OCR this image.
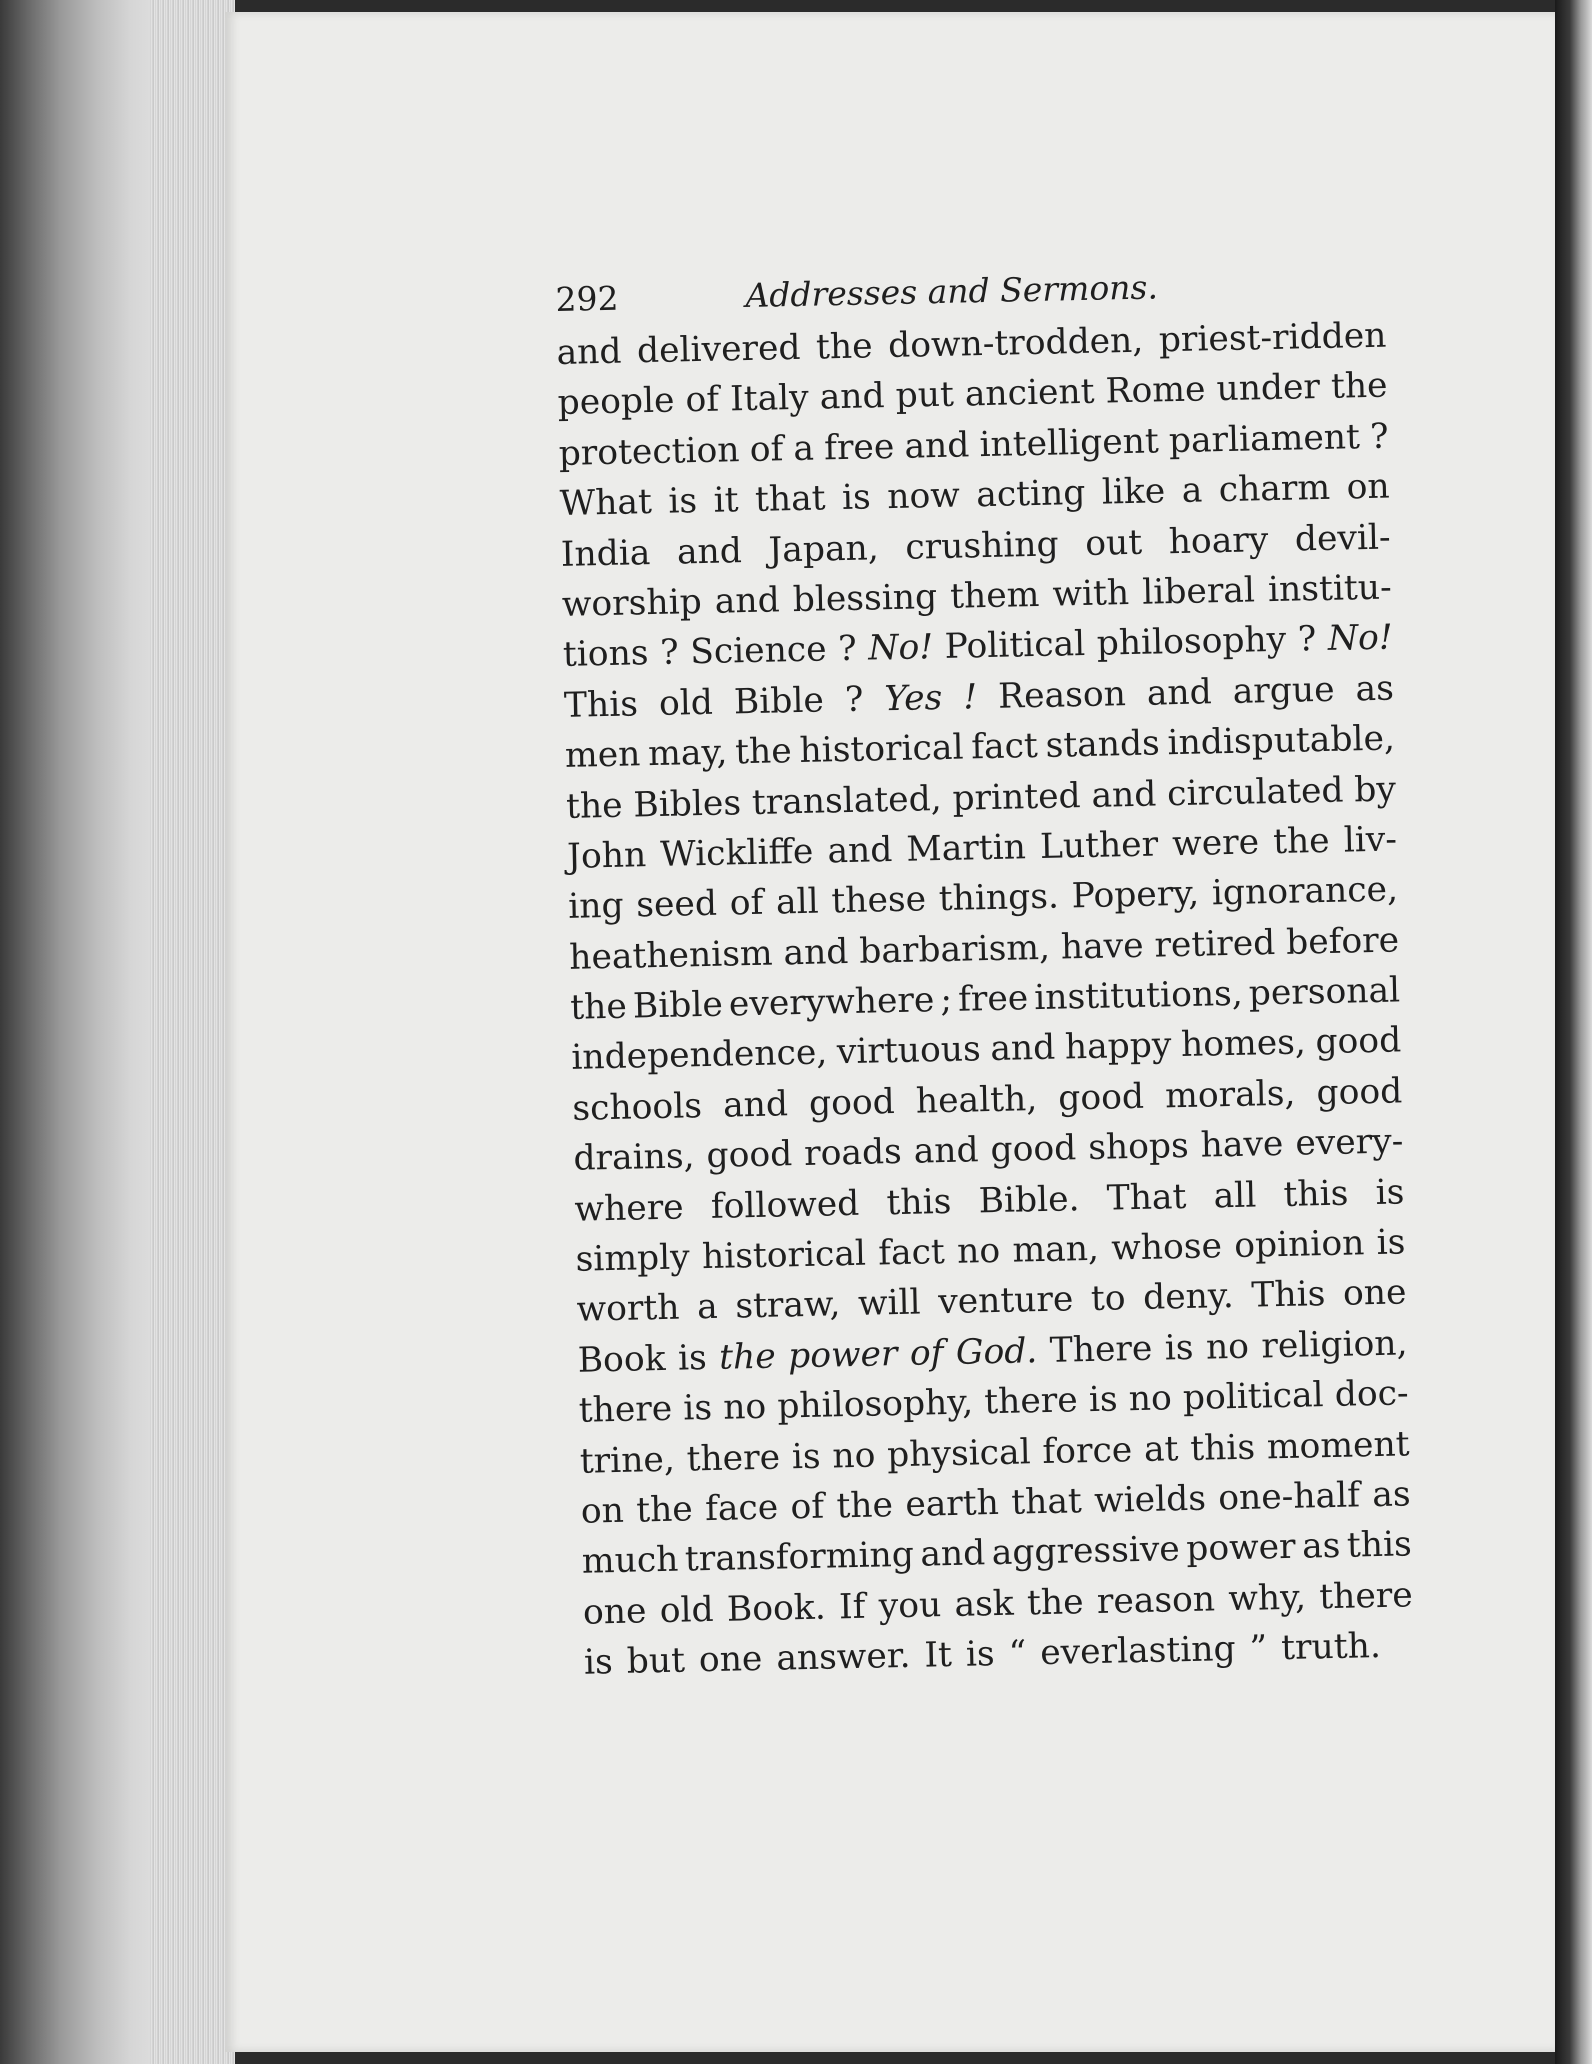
292	Addresses and Sermons.
and delivered the down-trodden, priest-ridden
people of Italy and put ancient Rome under the
protection of a free and intelligent parliament ?
What is it that is now acting like a charm on
India and Japan, crushing out hoary devil-
worship and blessing them with liberal institu-
tions ? Science ? No! Political philosophy ? No!
This old Bible ? Yes ! Reason and argue as
men may, the historical fact stands indisputable,
the Bibles translated, printed and circulated by
John Wickliffe and Martin Luther were the liv-
ing seed of all these things. Popery, ignorance,
heathenism and barbarism, have retired before
the Bible everywhere ; free institutions, personal
independence, virtuous and happy homes, good
schools and good health, good morals, good
drains, good roads and good shops have every-
where followed this Bible. That all this is
simply historical fact no man, whose opinion is
worth a straw, will venture to deny. This one
Book is the power of God. There is no religion,
there is no philosophy, there is no political doc-
trine, there is no physical force at this moment
on the face of the earth that wields one-half as
much transforming and aggressive power as this
one old Book. If you ask the reason why, there
is but one answer. It is “ everlasting ” truth.
